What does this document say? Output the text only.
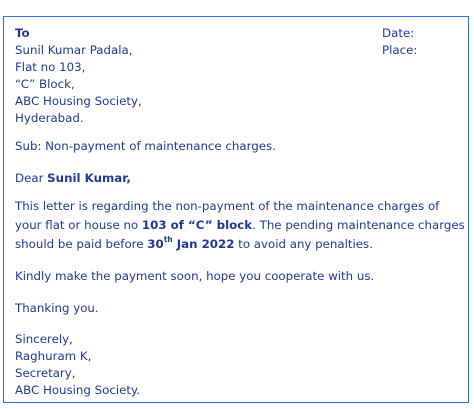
To	Date:
Place:
Sunil Kumar Padala,
Flat no 103,
“C” Block,
ABC Housing Society,
Hyderabad.
Sub: Non-payment of maintenance charges.
Dear Sunil Kumar,
This letter is regarding the non-payment of the maintenance charges of
your flat or house no 103 of “C” block. The pending maintenance charges
should be paid before 30th Jan 2022 to avoid any penalties.
Kindly make the payment soon, hope you cooperate with us.
Thanking you.
Sincerely,
Raghuram K,
Secretary,
ABC Housing Society.
